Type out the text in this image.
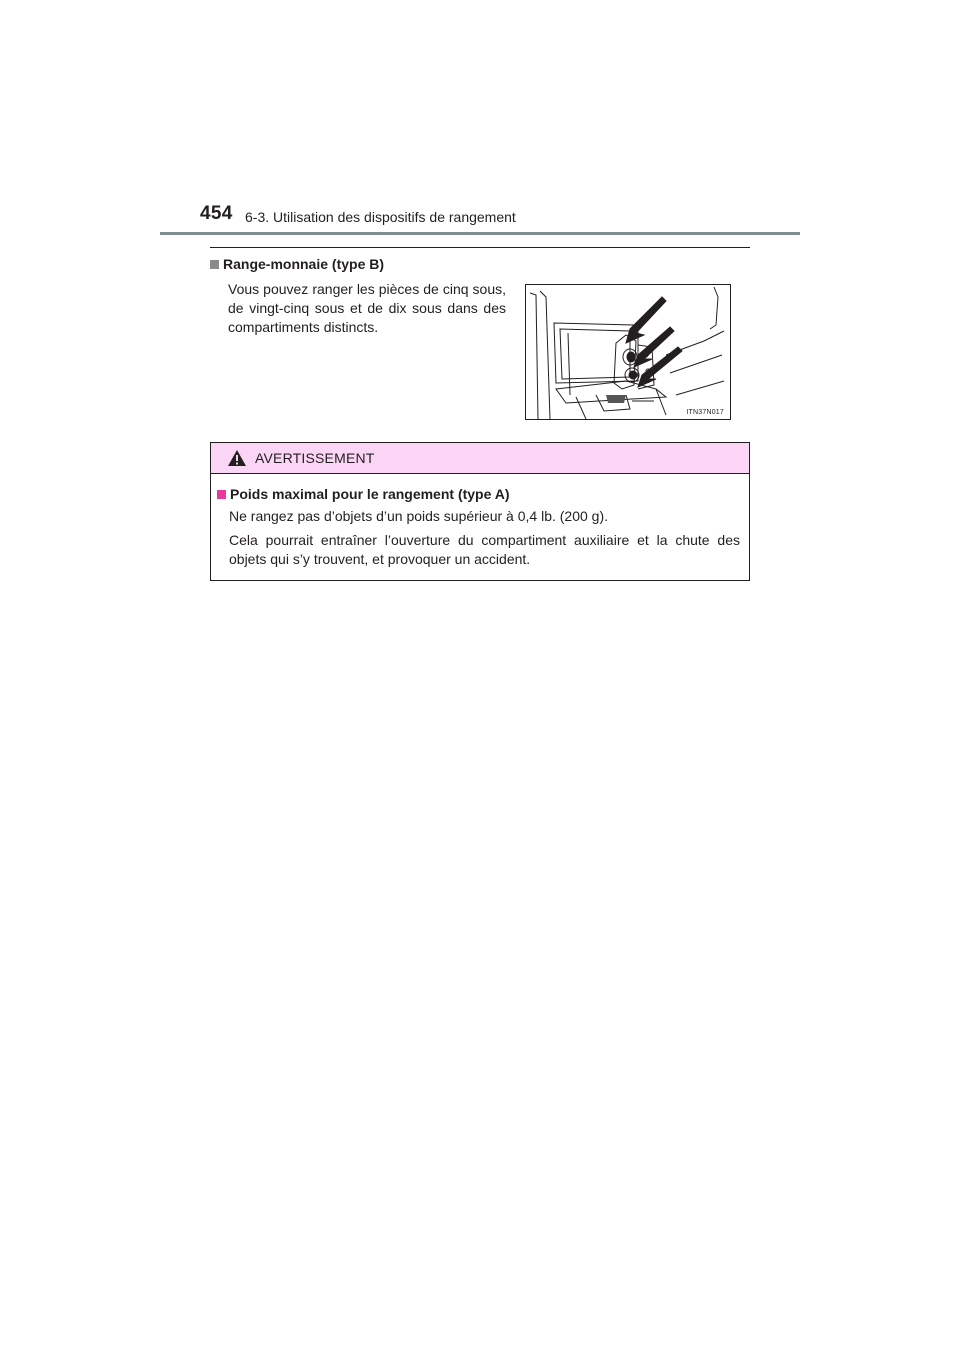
454 6-3. Utilisation des dispositifs de rangement
Range-monnaie (type B)
Vous pouvez ranger les pièces de cinq sous, de vingt-cinq sous et de dix sous dans des compartiments distincts.
ITN37N017
AVERTISSEMENT
Poids maximal pour le rangement (type A)
Ne rangez pas d’objets d’un poids supérieur à 0,4 lb. (200 g).
Cela pourrait entraîner l’ouverture du compartiment auxiliaire et la chute des objets qui s’y trouvent, et provoquer un accident.
